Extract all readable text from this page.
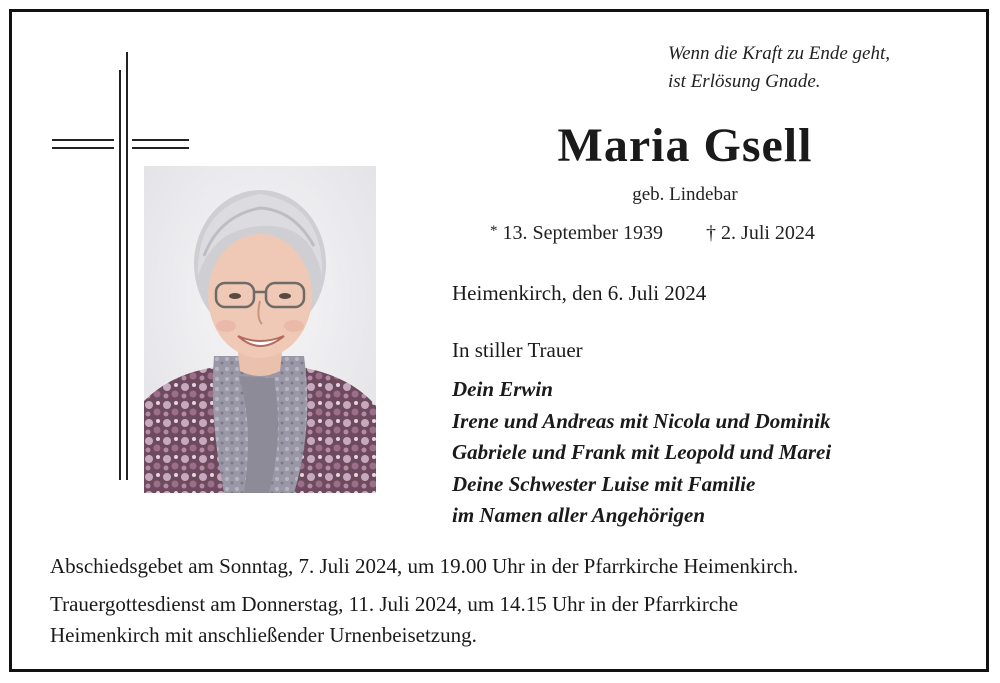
Wenn die Kraft zu Ende geht,
ist Erlösung Gnade.
Maria Gsell
geb. Lindebar
* 13. September 1939 † 2. Juli 2024
Heimenkirch, den 6. Juli 2024
In stiller Trauer
Dein Erwin
Irene und Andreas mit Nicola und Dominik
Gabriele und Frank mit Leopold und Marei
Deine Schwester Luise mit Familie
im Namen aller Angehörigen
Abschiedsgebet am Sonntag, 7. Juli 2024, um 19.00 Uhr in der Pfarrkirche Heimenkirch.
Trauergottesdienst am Donnerstag, 11. Juli 2024, um 14.15 Uhr in der Pfarrkirche
Heimenkirch mit anschließender Urnenbeisetzung.
